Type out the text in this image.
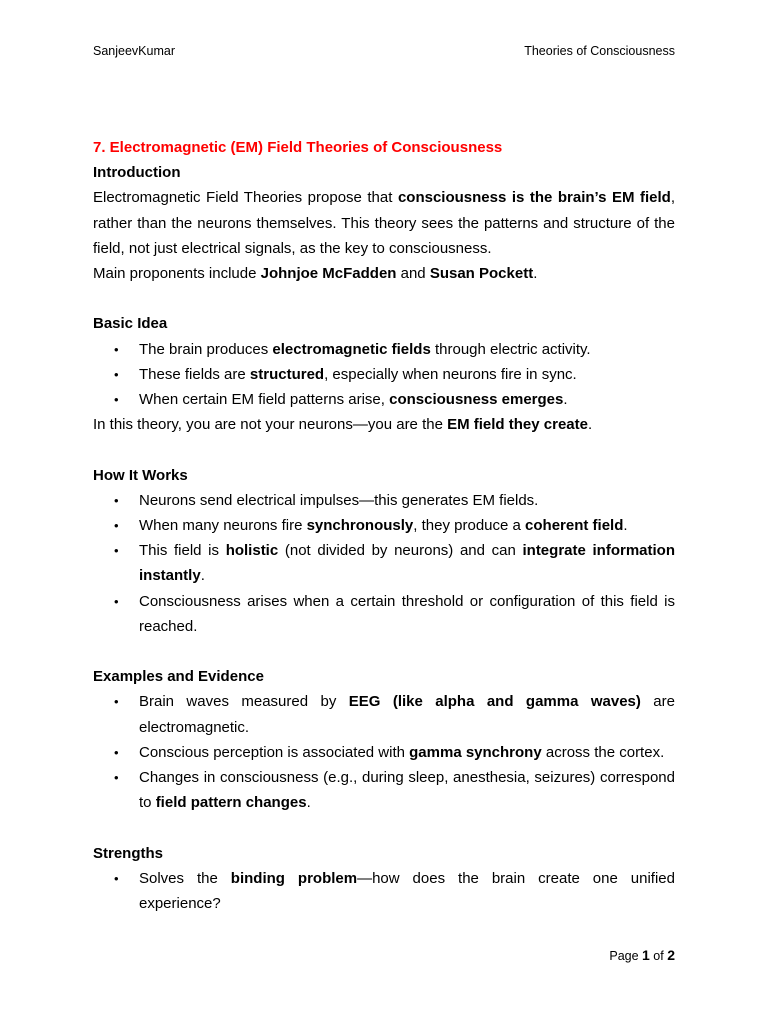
SanjeevKumar	Theories of Consciousness

7. Electromagnetic (EM) Field Theories of Consciousness

Introduction

Electromagnetic Field Theories propose that consciousness is the brain’s EM field, rather than the neurons themselves. This theory sees the patterns and structure of the field, not just electrical signals, as the key to consciousness.

Main proponents include Johnjoe McFadden and Susan Pockett.

Basic Idea

• The brain produces electromagnetic fields through electric activity.
• These fields are structured, especially when neurons fire in sync.
• When certain EM field patterns arise, consciousness emerges.

In this theory, you are not your neurons—you are the EM field they create.

How It Works

• Neurons send electrical impulses—this generates EM fields.
• When many neurons fire synchronously, they produce a coherent field.
• This field is holistic (not divided by neurons) and can integrate information instantly.
• Consciousness arises when a certain threshold or configuration of this field is reached.

Examples and Evidence

• Brain waves measured by EEG (like alpha and gamma waves) are electromagnetic.
• Conscious perception is associated with gamma synchrony across the cortex.
• Changes in consciousness (e.g., during sleep, anesthesia, seizures) correspond to field pattern changes.

Strengths

• Solves the binding problem—how does the brain create one unified experience?
Page 1 of 2
